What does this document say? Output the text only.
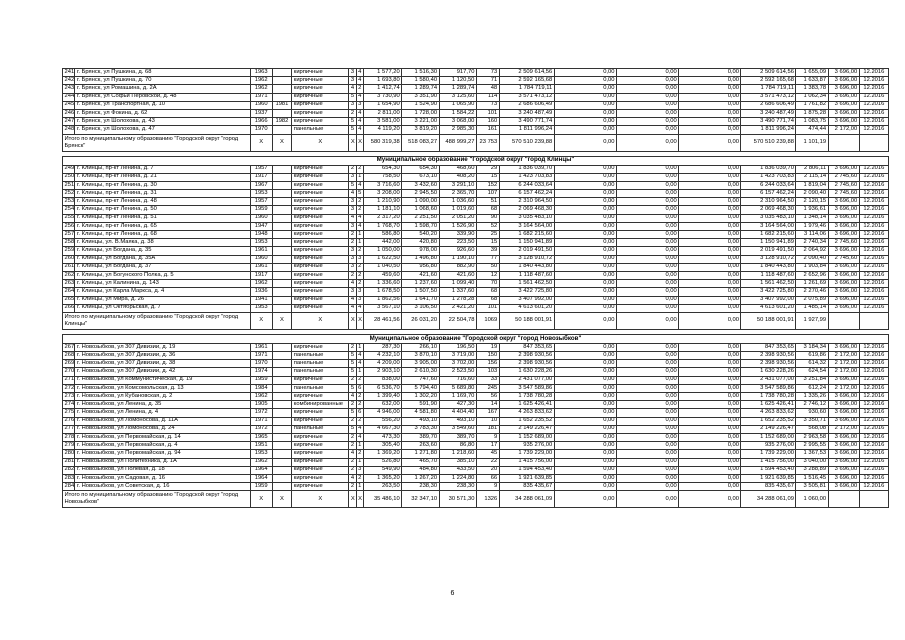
241	г. Брянск, ул Пушкина, д. 68	1963		кирпичные	3	4	1 577,20	1 516,30	917,70	73	2 509 614,56	0,00	0,00	0,00	2 509 614,56	1 655,09	3 696,00	12.2016
242	г. Брянск, ул Пушкина, д. 70	1962		кирпичные	3	4	1 693,80	1 580,40	1 120,50	71	2 592 165,68	0,00	0,00	0,00	2 592 165,68	1 633,87	3 696,00	12.2016
243	г. Брянск, ул Ромашина, д. 2А	1962		кирпичные	4	2	1 412,74	1 289,74	1 289,74	48	1 784 719,11	0,00	0,00	0,00	1 784 719,11	1 383,78	3 696,00	12.2016
244	г. Брянск, ул Софьи Перовской, д. 48	1971		кирпичные	5	4	3 730,90	3 351,90	3 125,60	114	3 571 473,12	0,00	0,00	0,00	3 571 473,12	1 062,34	3 696,00	12.2016
245	г. Брянск, ул Транспортная, д. 10	1960	1981	кирпичные	3	3	1 654,90	1 524,90	1 065,90	73	2 686 606,49	0,00	0,00	0,00	2 686 606,49	1 761,82	3 696,00	12.2016
246	г. Брянск, ул Фокина, д. 62	1937		кирпичные	2	4	2 811,00	1 728,00	1 584,22	101	3 240 487,49	0,00	0,00	0,00	3 240 487,49	1 875,28	3 696,00	12.2016
247	г. Брянск, ул Шолохова, д. 43	1966	1982	кирпичные	5	4	3 581,00	3 221,00	3 068,00	160	3 490 771,74	0,00	0,00	0,00	3 490 771,74	1 083,75	3 696,00	12.2016
248	г. Брянск, ул Шолохова, д. 47	1970		панельные	5	4	4 119,20	3 819,20	2 985,30	161	1 811 996,24	0,00	0,00	0,00	1 811 996,24	474,44	2 172,00	12.2016
Итого по муниципальному образованию "Городской округ "город Брянск"		X	X	X	X	X	580 319,38	518 083,27	488 999,27	23 753	570 510 239,88	0,00	0,00	0,00	570 510 239,88	1 101,19		

Муниципальное образование "Городской округ "город Клинцы"																		
249	г. Клинцы, пр-кт Ленина, д. 7	1957		кирпичные	2	2	654,30	654,30	468,60	29	1 836 039,70	0,00	0,00	0,00	1 836 039,70	2 806,11	3 696,00	12.2016
250	г. Клинцы, пр-кт Ленина, д. 21	1917		кирпичные	3	1	758,50	673,10	408,20	15	1 423 703,83	0,00	0,00	0,00	1 423 703,83	2 115,14	2 745,60	12.2016
251	г. Клинцы, пр-кт Ленина, д. 30	1967		кирпичные	5	4	3 716,60	3 432,60	3 291,10	152	6 244 033,64	0,00	0,00	0,00	6 244 033,64	1 819,04	2 745,60	12.2016
252	г. Клинцы, пр-кт Ленина, д. 31	1953		кирпичные	4	5	3 208,00	2 945,50	2 365,70	107	6 157 462,24	0,00	0,00	0,00	6 157 462,24	2 090,40	2 745,60	12.2016
253	г. Клинцы, пр-кт Ленина, д. 48	1957		кирпичные	3	2	1 210,90	1 090,00	1 036,60	51	2 310 964,50	0,00	0,00	0,00	2 310 964,50	2 120,15	3 696,00	12.2016
254	г. Клинцы, пр-кт Ленина, д. 50	1959		кирпичные	3	2	1 181,10	1 068,60	1 019,60	68	2 069 468,30	0,00	0,00	0,00	2 069 468,30	1 936,61	3 696,00	12.2016
255	г. Клинцы, пр-кт Ленина, д. 51	1960		кирпичные	4	4	2 317,20	2 251,50	2 051,20	90	3 035 483,10	0,00	0,00	0,00	3 035 483,10	1 348,14	3 696,00	12.2016
256	г. Клинцы, пр-кт Ленина, д. 65	1947		кирпичные	3	4	1 768,70	1 598,70	1 526,90	52	3 164 564,00	0,00	0,00	0,00	3 164 564,00	1 979,46	3 696,00	12.2016
257	г. Клинцы, пр-кт Ленина, д. 68	1948		кирпичные	2	1	586,80	540,20	339,90	25	1 682 215,60	0,00	0,00	0,00	1 682 215,60	3 114,06	3 696,00	12.2016
258	г. Клинцы, ул. В.Маяка, д. 38	1953		кирпичные	2	1	442,00	420,80	223,50	15	1 150 941,89	0,00	0,00	0,00	1 150 941,89	2 740,34	2 745,60	12.2016
259	г. Клинцы, ул Богдана, д. 35	1961		кирпичные	3	2	1 050,00	978,00	926,60	39	2 019 491,50	0,00	0,00	0,00	2 019 491,50	2 064,92	3 696,00	12.2016
260	г. Клинцы, ул Богдана, д. 35А	1960		кирпичные	3	3	1 622,50	1 496,80	1 190,10	77	3 128 910,72	0,00	0,00	0,00	3 128 910,72	2 090,40	2 745,60	12.2016
261	г. Клинцы, ул Богдана, д. 37	1961		кирпичные	3	2	1 040,50	956,80	882,90	50	1 840 443,80	0,00	0,00	0,00	1 840 443,80	1 903,84	3 696,00	12.2016
262	г. Клинцы, ул Богунского Полка, д. 5	1917		кирпичные	2	2	459,60	421,60	421,60	12	1 118 487,60	0,00	0,00	0,00	1 118 487,60	2 652,96	3 696,00	12.2016
263	г. Клинцы, ул Калинина, д. 143	1962		кирпичные	4	2	1 336,60	1 237,60	1 099,40	70	1 561 462,50	0,00	0,00	0,00	1 561 462,50	1 261,69	3 696,00	12.2016
264	г. Клинцы, ул Карла Маркса, д. 4	1936		кирпичные	3	3	1 678,50	1 507,50	1 337,60	68	3 422 725,80	0,00	0,00	0,00	3 422 725,80	2 270,46	3 696,00	12.2016
265	г. Клинцы, ул Мира, д. 26	1941		кирпичные	4	3	1 862,56	1 641,70	1 278,28	68	3 407 992,00	0,00	0,00	0,00	3 407 992,00	2 075,89	3 696,00	12.2016
266	г. Клинцы, ул Октябрьская, д. 7	1953		кирпичные	4	4	3 567,10	3 106,50	2 421,20	101	4 613 601,20	0,00	0,00	0,00	4 613 601,20	1 485,14	3 696,00	12.2016
Итого по муниципальному образованию "Городской округ "город Клинцы"		X	X	X	X	X	28 461,56	26 031,20	22 504,78	1069	50 188 001,91	0,00	0,00	0,00	50 188 001,91	1 927,99		

Муниципальное образование "Городской округ "город Новозыбков"																		
267	г. Новозыбков, ул 307 Дивизии, д. 19	1961		кирпичные	2	1	287,30	266,10	196,50	19	847 353,65	0,00	0,00	0,00	847 353,65	3 184,34	3 696,00	12.2016
268	г. Новозыбков, ул 307 Дивизии, д. 36	1971		панельные	5	4	4 232,10	3 870,10	3 719,00	150	2 398 930,56	0,00	0,00	0,00	2 398 930,56	619,86	2 172,00	12.2016
269	г. Новозыбков, ул 307 Дивизии, д. 38	1970		панельные	5	4	4 209,00	3 905,00	3 702,00	156	2 398 930,56	0,00	0,00	0,00	2 398 930,56	614,32	2 172,00	12.2016
270	г. Новозыбков, ул 307 Дивизии, д. 42	1974		панельные	5	1	2 903,10	2 610,30	2 523,50	103	1 630 228,26	0,00	0,00	0,00	1 630 228,26	624,54	2 172,00	12.2016
271	г. Новозыбков, ул Коммунистическая, д. 19	1959		кирпичные	2	2	838,00	747,60	716,60	33	2 431 077,00	0,00	0,00	0,00	2 431 077,00	3 251,84	3 696,00	12.2016
272	г. Новозыбков, ул Комсомольская, д. 13	1984		панельные	5	6	6 536,70	5 794,40	5 689,80	245	3 547 589,86	0,00	0,00	0,00	3 547 589,86	612,24	2 172,00	12.2016
273	г. Новозыбков, ул Кубановская, д. 2	1962		кирпичные	4	2	1 399,40	1 302,20	1 169,70	56	1 738 780,28	0,00	0,00	0,00	1 738 780,28	1 335,26	3 696,00	12.2016
274	г. Новозыбков, ул Ленина, д. 35	1905		комбинированные	2	2	632,00	591,90	427,30	14	1 625 426,41	0,00	0,00	0,00	1 625 426,41	2 746,12	3 696,00	12.2016
275	г. Новозыбков, ул Ленина, д. 4	1972		кирпичные	5	6	4 946,00	4 581,80	4 404,40	167	4 263 833,62	0,00	0,00	0,00	4 263 833,62	930,60	3 696,00	12.2016
276	г. Новозыбков, ул Ломоносова, д. 11А	1971		кирпичные	2	2	556,20	493,10	493,10	10	1 652 235,52	0,00	0,00	0,00	1 652 235,52	3 350,71	3 696,00	12.2016
277	г. Новозыбков, ул Ломоносова, д. 24	1972		панельные	5	4	4 667,30	3 783,30	3 549,60	181	2 149 226,47	0,00	0,00	0,00	2 149 226,47	568,08	2 172,00	12.2016
278	г. Новозыбков, ул Первомайская, д. 14	1965		кирпичные	2	4	473,30	389,70	389,70	9	1 152 689,00	0,00	0,00	0,00	1 152 689,00	2 963,58	3 696,00	12.2016
279	г. Новозыбков, ул Первомайская, д. 4	1951		кирпичные	2	1	305,40	263,60	86,80	17	935 276,00	0,00	0,00	0,00	935 276,00	2 995,55	3 696,00	12.2016
280	г. Новозыбков, ул Первомайская, д. 94	1953		кирпичные	4	2	1 369,20	1 271,80	1 218,60	45	1 739 229,00	0,00	0,00	0,00	1 739 229,00	1 367,53	3 696,00	12.2016
281	г. Новозыбков, ул Политехника, д. 1А	1962		кирпичные	2	1	526,80	465,70	385,10	22	1 415 756,00	0,00	0,00	0,00	1 415 756,00	3 040,00	3 696,00	12.2016
282	г. Новозыбков, ул Полевая, д. 18	1964		кирпичные	2	3	549,90	484,80	433,50	20	1 594 453,40	0,00	0,00	0,00	1 594 453,40	3 288,89	3 696,00	12.2016
283	г. Новозыбков, ул Садовая, д. 16	1964		кирпичные	4	2	1 365,20	1 267,20	1 224,80	66	1 921 639,85	0,00	0,00	0,00	1 921 639,85	1 516,45	3 696,00	12.2016
284	г. Новозыбков, ул Советская, д. 16	1959		кирпичные	2	1	263,50	238,30	238,30	9	835 435,67	0,00	0,00	0,00	835 435,67	3 505,81	3 696,00	12.2016
Итого по муниципальному образованию "Городской округ "город Новозыбков"		X	X	X	X	X	35 486,10	32 347,10	30 571,30	1326	34 288 061,09	0,00	0,00	0,00	34 288 061,09	1 060,00		
6
